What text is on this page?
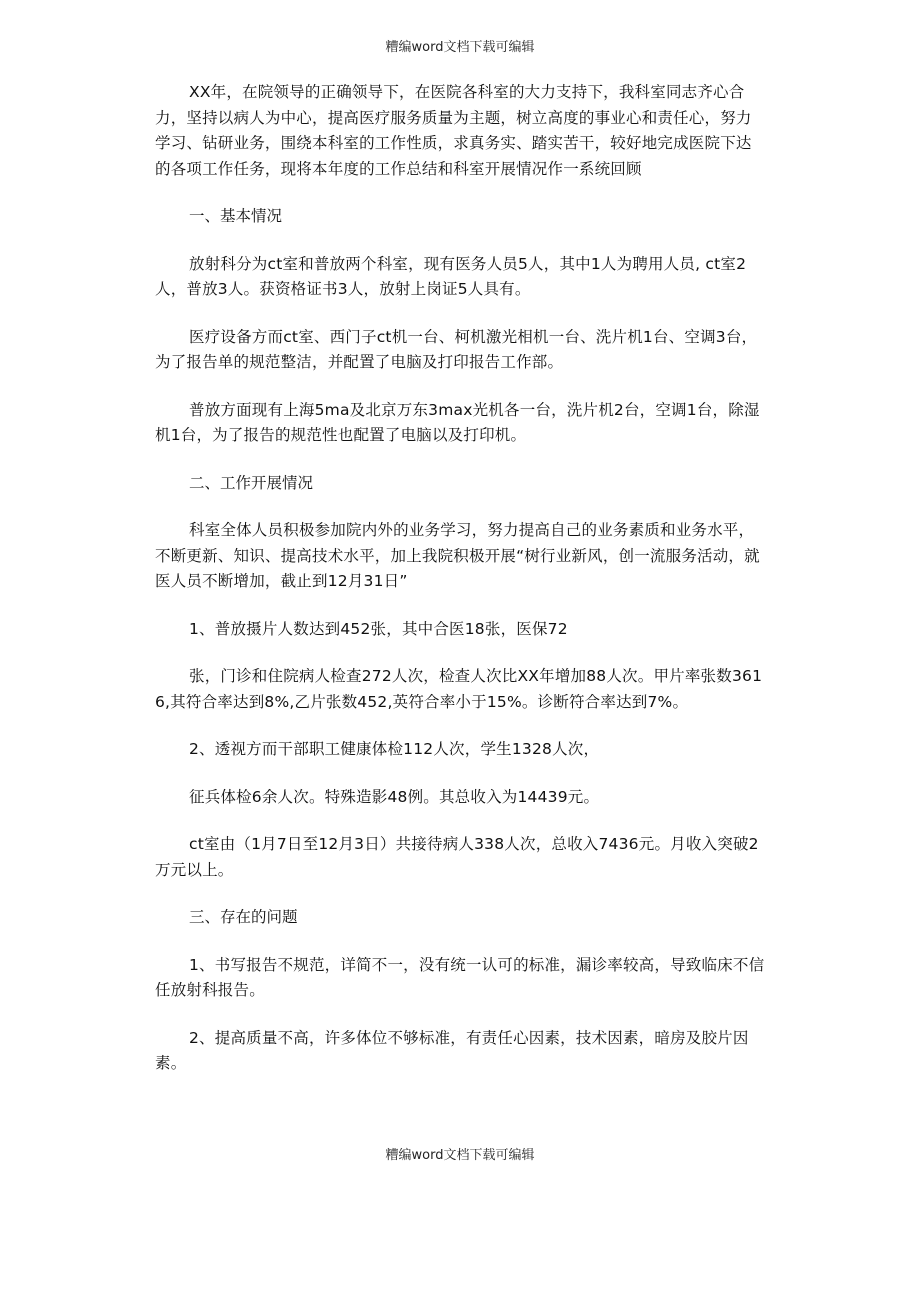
糟编word文档下载可编辑

XX年，在院领导的正确领导下，在医院各科室的大力支持下，我科室同志齐心合力，坚持以病人为中心，提高医疗服务质量为主题，树立高度的事业心和责任心，努力学习、钻研业务，围绕本科室的工作性质，求真务实、踏实苦干，较好地完成医院下达的各项工作任务，现将本年度的工作总结和科室开展情况作一系统回顾

一、基本情况

放射科分为ct室和普放两个科室，现有医务人员5人，其中1人为聘用人员, ct室2人，普放3人。获资格证书3人，放射上岗证5人具有。

医疗设备方而ct室、西门子ct机一台、柯机激光相机一台、洗片机1台、空调3台，为了报告单的规范整洁，并配置了电脑及打印报告工作部。

普放方面现有上海5ma及北京万东3max光机各一台，洗片机2台，空调1台，除湿机1台，为了报告的规范性也配置了电脑以及打印机。

二、工作开展情况

科室全体人员积极参加院内外的业务学习，努力提高自己的业务素质和业务水平，不断更新、知识、提高技术水平，加上我院积极开展“树行业新风，创一流服务活动，就医人员不断增加，截止到12月31日”

1、普放摄片人数达到452张，其中合医18张，医保72

张，门诊和住院病人检查272人次，检查人次比XX年增加88人次。甲片率张数3616,其符合率达到8%,乙片张数452,英符合率小于15%。诊断符合率达到7%。

2、透视方而干部职工健康体检112人次，学生1328人次，

征兵体检6余人次。特殊造影48例。其总收入为14439元。

ct室由（1月7日至12月3日）共接待病人338人次，总收入7436元。月收入突破2万元以上。

三、存在的问题

1、书写报告不规范，详简不一，没有统一认可的标准，漏诊率较高，导致临床不信任放射科报告。

2、提高质量不高，许多体位不够标准，有责任心因素，技术因素，暗房及胶片因素。

糟编word文档下载可编辑
